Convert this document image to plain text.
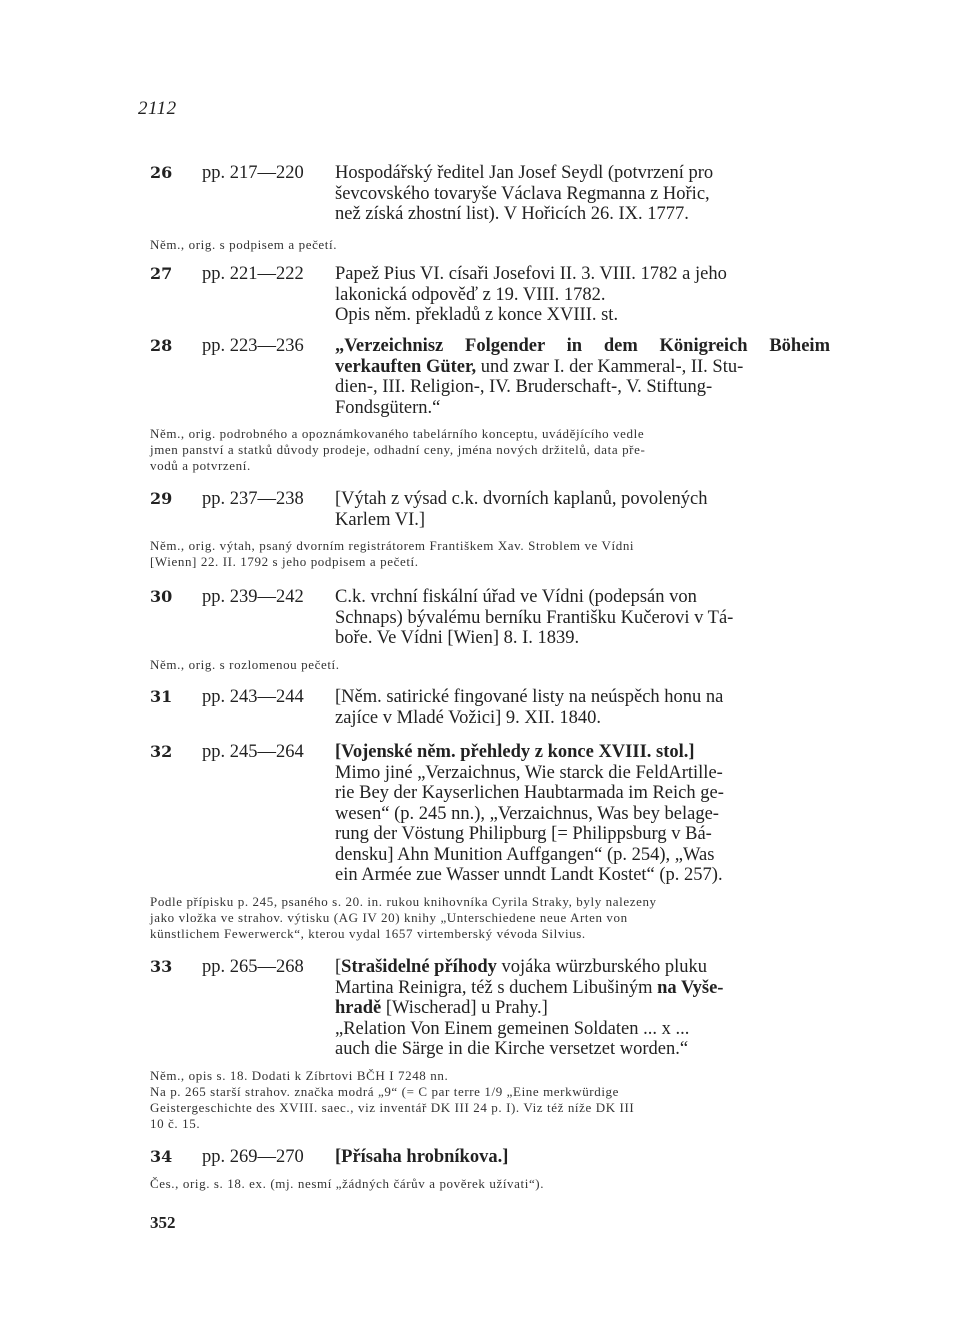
2112
26	pp. 217—220	Hospodářský ředitel Jan Josef Seydl (potvrzení pro
ševcovského tovaryše Václava Regmanna z Hořic,
než získá zhostní list). V Hořicích 26. IX. 1777.
Něm., orig. s podpisem a pečetí.
27	pp. 221—222	Papež Pius VI. císaři Josefovi II. 3. VIII. 1782 a jeho
lakonická odpověď z 19. VIII. 1782.
Opis něm. překladů z konce XVIII. st.
28	pp. 223—236	„Verzeichnisz Folgender in dem Königreich Böheim verkauften Güter, und zwar I. der Kammeral-, II. Stu-
dien-, III. Religion-, IV. Bruderschaft-, V. Stiftung-
Fondsgütern.“
Něm., orig. podrobného a opoznámkovaného tabelárního konceptu, uvádějícího vedle
jmen panství a statků důvody prodeje, odhadní ceny, jména nových držitelů, data pře-
vodů a potvrzení.
29	pp. 237—238	[Výtah z výsad c.k. dvorních kaplanů, povolených
Karlem VI.]
Něm., orig. výtah, psaný dvorním registrátorem Františkem Xav. Stroblem ve Vídni
[Wienn] 22. II. 1792 s jeho podpisem a pečetí.
30	pp. 239—242	C.k. vrchní fiskální úřad ve Vídni (podepsán von
Schnaps) bývalému berníku Františku Kučerovi v Tá-
boře. Ve Vídni [Wien] 8. I. 1839.
Něm., orig. s rozlomenou pečetí.
31	pp. 243—244	[Něm. satirické fingované listy na neúspěch honu na
zajíce v Mladé Vožici] 9. XII. 1840.
32	pp. 245—264	[Vojenské něm. přehledy z konce XVIII. stol.]
Mimo jiné „Verzaichnus, Wie starck die FeldArtille-
rie Bey der Kayserlichen Haubtarmada im Reich ge-
wesen“ (p. 245 nn.), „Verzaichnus, Was bey belage-
rung der Vöstung Philipburg [= Philippsburg v Bá-
densku] Ahn Munition Auffgangen“ (p. 254), „Was
ein Armée zue Wasser unndt Landt Kostet“ (p. 257).
Podle přípisku p. 245, psaného s. 20. in. rukou knihovníka Cyrila Straky, byly nalezeny
jako vložka ve strahov. výtisku (AG IV 20) knihy „Unterschiedene neue Arten von
künstlichem Fewerwerck“, kterou vydal 1657 virtemberský vévoda Silvius.
33	pp. 265—268	[Strašidelné příhody vojáka würzburského pluku
Martina Reinigra, též s duchem Libušiným na Vyše-
hradě [Wischerad] u Prahy.]
„Relation Von Einem gemeinen Soldaten ... x ...
auch die Särge in die Kirche versetzet worden.“
Něm., opis s. 18. Dodati k Zíbrtovi BČH I 7248 nn.
Na p. 265 starší strahov. značka modrá „9“ (= C par terre 1/9 „Eine merkwürdige
Geistergeschichte des XVIII. saec., viz inventář DK III 24 p. I). Viz též níže DK III
10 č. 15.
34	pp. 269—270	[Přísaha hrobníkova.]
Čes., orig. s. 18. ex. (mj. nesmí „žádných čárův a pověrek užívati“).
352
